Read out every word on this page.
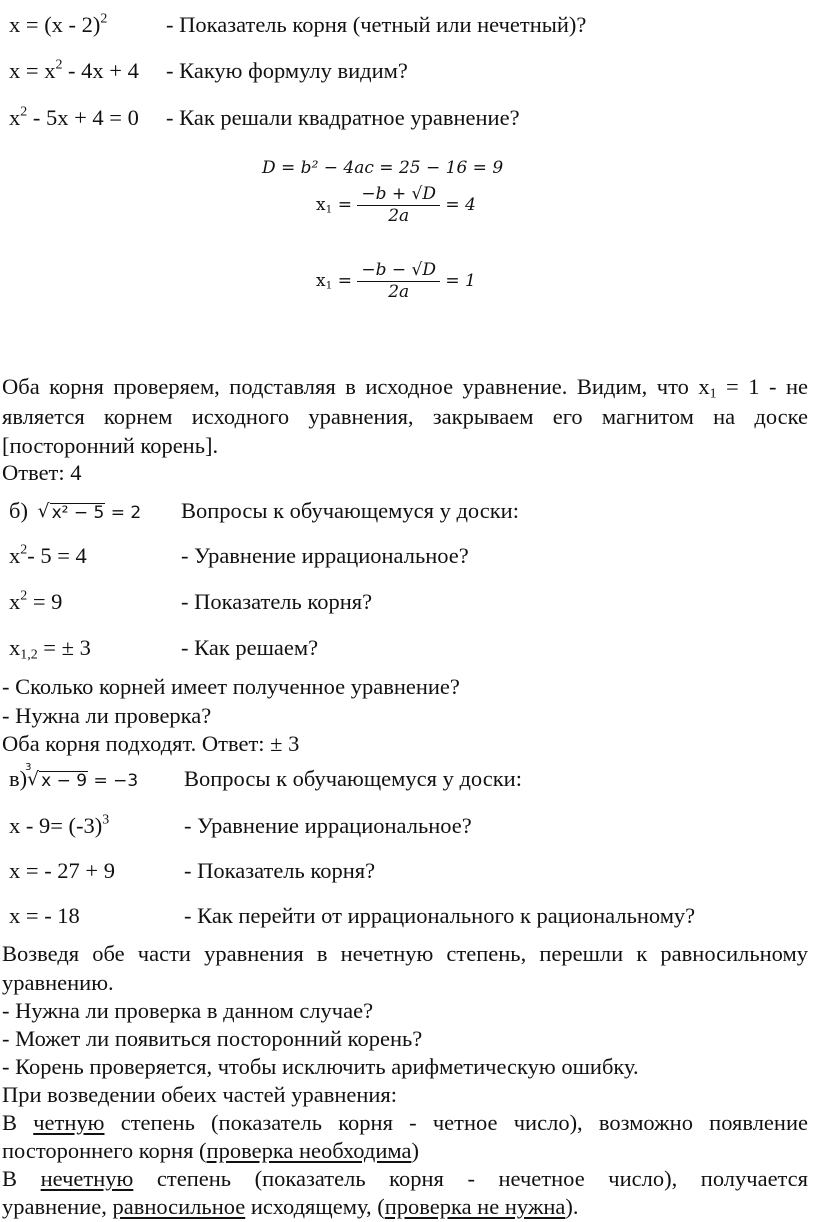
x = (x - 2)$^2$	- Показатель корня (четный или нечетный)?
$x = x^2 - 4x + 4$ - Какую формулу видим?
$x^2 - 5x + 4 = 0$ - Как решали квадратное уравнение?
D = b² − 4ac = 25 − 16 = 9
$x_1 = \frac{-b + √D}{2a} = 4$
$x_1 = \frac{-b - √D}{2a} = 1$
Оба корня проверяем, подставляя в исходное уравнение. Видим, что $x_1 = 1$ - не
является корнем исходного уравнения, закрываем его магнитом на доске
[посторонний корень].
Ответ: 4
б) √ x² − 5 = 2 Вопросы к обучающемуся у доски:
$x^2-$ 5 = 4	- Уравнение иррациональное?
$x^2 = 9$	- Показатель корня?
$x_{1,2}$ = ± 3	- Как решаем?
- Сколько корней имеет полученное уравнение?
- Нужна ли проверка?
Оба корня подходят. Ответ: ± 3
в)
3
√ x − 9 = −3 Вопросы к обучающемуся у доски:
$x - 9= (-3)^3$	- Уравнение иррациональное?
x = - 27 + 9	- Показатель корня?
x = - 18	- Как перейти от иррационального к рациональному?
Возведя обе части уравнения в нечетную степень, перешли к равносильному
уравнению.
- Нужна ли проверка в данном случае?
- Может ли появиться посторонний корень?
- Корень проверяется, чтобы исключить арифметическую ошибку.
При возведении обеих частей уравнения:
В четную степень (показатель корня - четное число), возможно появление
постороннего корня (проверка необходима)
В нечетную степень (показатель корня - нечетное число), получается
уравнение, равносильное исходящему, (проверка не нужна).
